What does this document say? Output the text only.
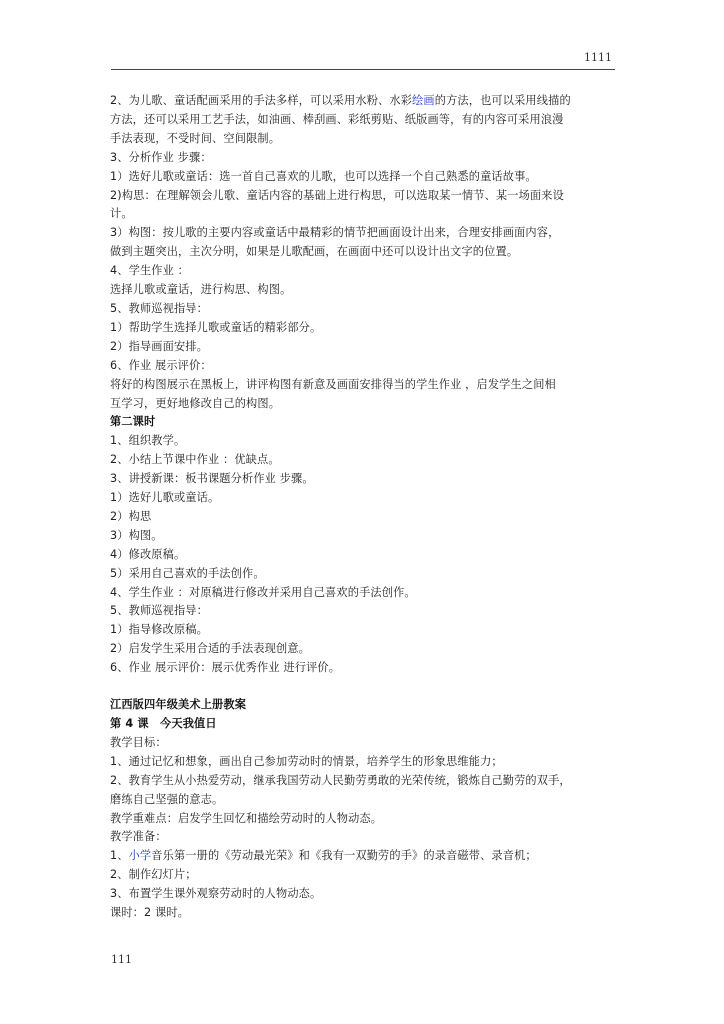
1111
2、为儿歌、童话配画采用的手法多样，可以采用水粉、水彩绘画的方法，也可以采用线描的
方法，还可以采用工艺手法，如油画、棒刮画、彩纸剪贴、纸版画等，有的内容可采用浪漫
手法表现，不受时间、空间限制。
3、分析作业 步骤：
1）选好儿歌或童话：选一首自己喜欢的儿歌，也可以选择一个自己熟悉的童话故事。
2)构思：在理解领会儿歌、童话内容的基础上进行构思，可以选取某一情节、某一场面来设
计。
3）构图：按儿歌的主要内容或童话中最精彩的情节把画面设计出来，合理安排画面内容，
做到主题突出，主次分明，如果是儿歌配画，在画面中还可以设计出文字的位置。
4、学生作业 ：
选择儿歌或童话，进行构思、构图。
5、教师巡视指导：
1）帮助学生选择儿歌或童话的精彩部分。
2）指导画面安排。
6、作业 展示评价：
将好的构图展示在黑板上，讲评构图有新意及画面安排得当的学生作业 ，启发学生之间相
互学习，更好地修改自己的构图。
第二课时
1、组织教学。
2、小结上节课中作业 ：优缺点。
3、讲授新课：板书课题分析作业 步骤。
1）选好儿歌或童话。
2）构思
3）构图。
4）修改原稿。
5）采用自己喜欢的手法创作。
4、学生作业 ：对原稿进行修改并采用自己喜欢的手法创作。
5、教师巡视指导：
1）指导修改原稿。
2）启发学生采用合适的手法表现创意。
6、作业 展示评价：展示优秀作业 进行评价。
江西版四年级美术上册教案
第 4 课　今天我值日
教学目标：
1、通过记忆和想象，画出自己参加劳动时的情景，培养学生的形象思维能力；
2、教育学生从小热爱劳动，继承我国劳动人民勤劳勇敢的光荣传统，锻炼自己勤劳的双手，
磨练自己坚强的意志。
教学重难点：启发学生回忆和描绘劳动时的人物动态。
教学准备：
1、小学音乐第一册的《劳动最光荣》和《我有一双勤劳的手》的录音磁带、录音机；
2、制作幻灯片；
3、布置学生课外观察劳动时的人物动态。
课时：2 课时。
111
